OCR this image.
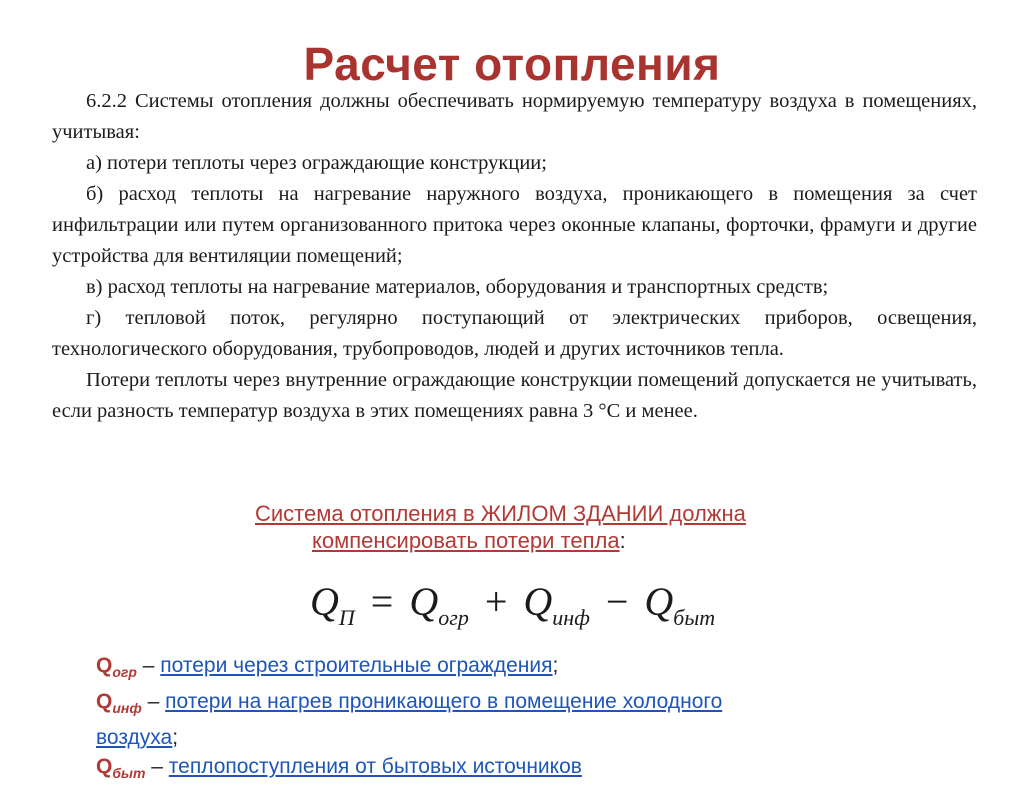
Расчет отопления

6.2.2 Системы отопления должны обеспечивать нормируемую температуру воздуха в помещениях, учитывая:

а) потери теплоты через ограждающие конструкции;

б) расход теплоты на нагревание наружного воздуха, проникающего в помещения за счет инфильтрации или путем организованного притока через оконные клапаны, форточки, фрамуги и другие устройства для вентиляции помещений;

в) расход теплоты на нагревание материалов, оборудования и транспортных средств;

г) тепловой поток, регулярно поступающий от электрических приборов, освещения, технологического оборудования, трубопроводов, людей и других источников тепла.

Потери теплоты через внутренние ограждающие конструкции помещений допускается не учитывать, если разность температур воздуха в этих помещениях равна 3 °С и менее.

Система отопления в ЖИЛОМ ЗДАНИИ должна
компенсировать потери тепла:
$Q_П = Q_{огр} + Q_{инф} - Q_{быт}$
$Q_{огр}$ – потери через строительные ограждения;
$Q_{инф}$ – потери на нагрев проникающего в помещение холодного
воздуха;
$Q_{быт}$ – теплопоступления от бытовых источников
